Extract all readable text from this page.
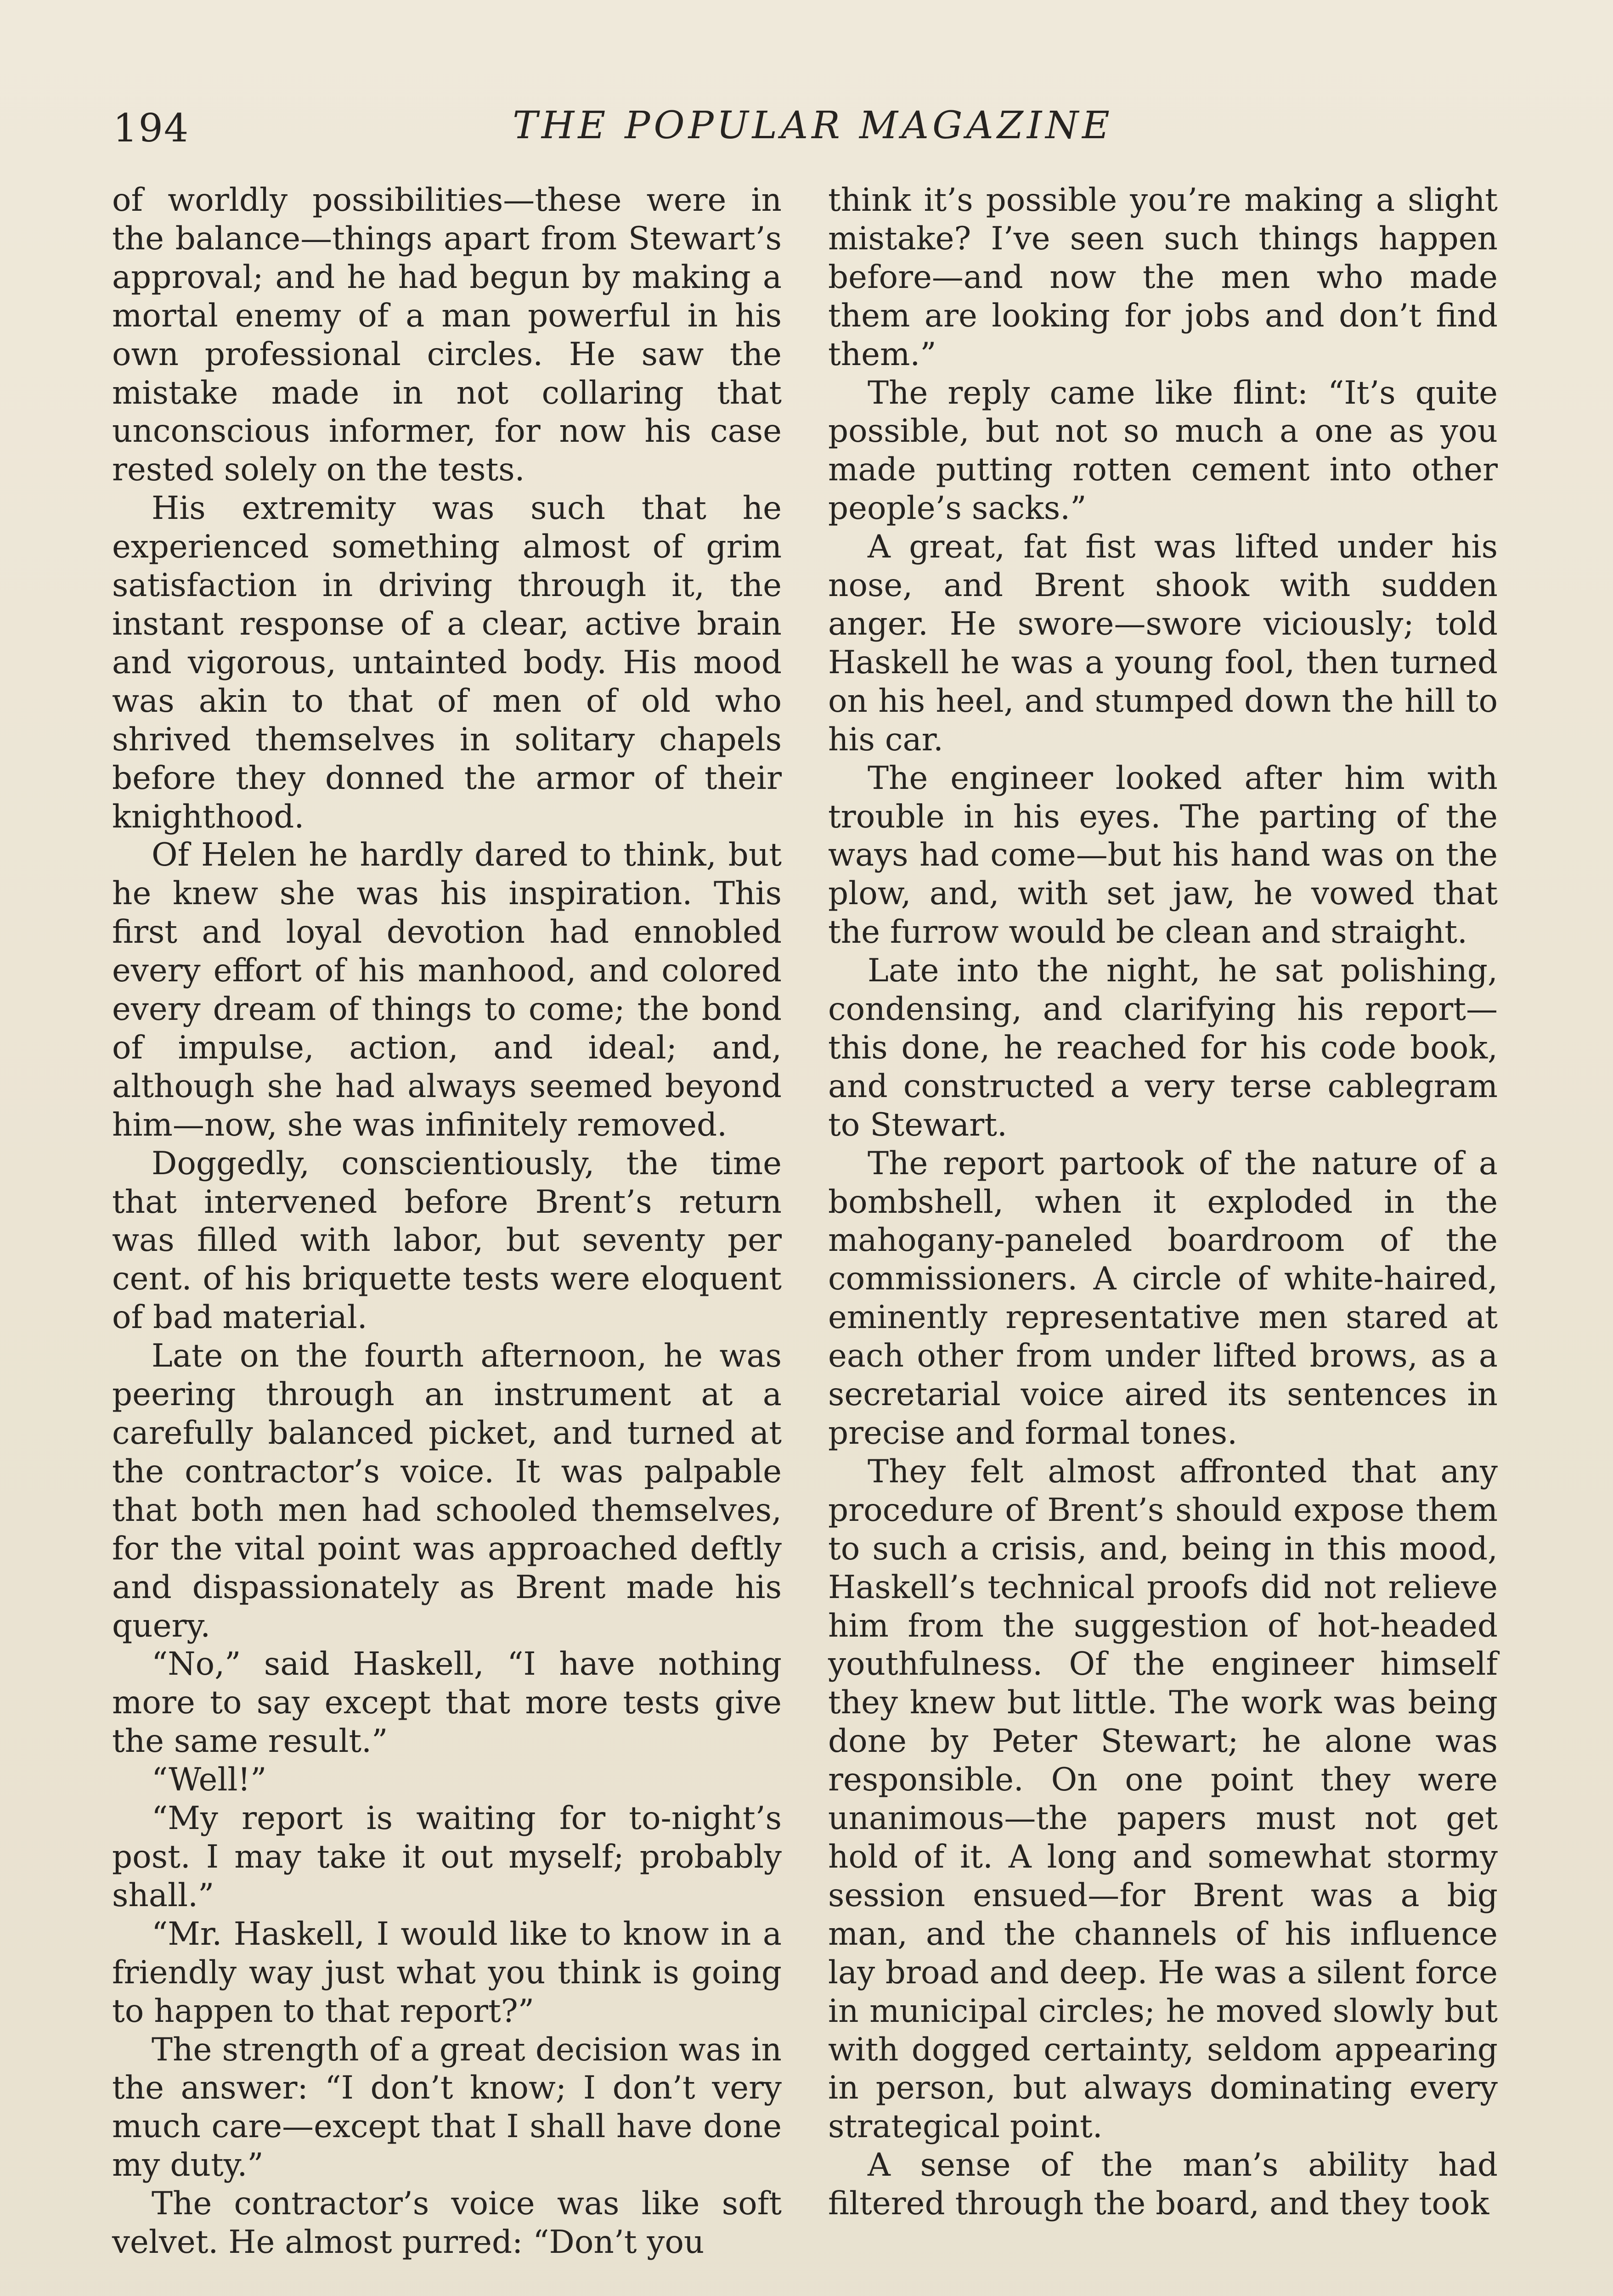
194	THE POPULAR MAGAZINE

of worldly possibilities—these were in the balance—things apart from Stewart’s approval; and he had begun by making a mortal enemy of a man powerful in his own professional circles. He saw the mistake made in not collaring that unconscious informer, for now his case rested solely on the tests.

His extremity was such that he experienced something almost of grim satisfaction in driving through it, the instant response of a clear, active brain and vigorous, untainted body. His mood was akin to that of men of old who shrived themselves in solitary chapels before they donned the armor of their knighthood.

Of Helen he hardly dared to think, but he knew she was his inspiration. This first and loyal devotion had ennobled every effort of his manhood, and colored every dream of things to come; the bond of impulse, action, and ideal; and, although she had always seemed beyond him—now, she was infinitely removed.

Doggedly, conscientiously, the time that intervened before Brent’s return was filled with labor, but seventy per cent. of his briquette tests were eloquent of bad material.

Late on the fourth afternoon, he was peering through an instrument at a carefully balanced picket, and turned at the contractor’s voice. It was palpable that both men had schooled themselves, for the vital point was approached deftly and dispassionately as Brent made his query.

“No,” said Haskell, “I have nothing more to say except that more tests give the same result.”

“Well!”

“My report is waiting for to-night’s post. I may take it out myself; probably shall.”

“Mr. Haskell, I would like to know in a friendly way just what you think is going to happen to that report?”

The strength of a great decision was in the answer: “I don’t know; I don’t very much care—except that I shall have done my duty.”

The contractor’s voice was like soft velvet. He almost purred: “Don’t you

think it’s possible you’re making a slight mistake? I’ve seen such things happen before—and now the men who made them are looking for jobs and don’t find them.”

The reply came like flint: “It’s quite possible, but not so much a one as you made putting rotten cement into other people’s sacks.”

A great, fat fist was lifted under his nose, and Brent shook with sudden anger. He swore—swore viciously; told Haskell he was a young fool, then turned on his heel, and stumped down the hill to his car.

The engineer looked after him with trouble in his eyes. The parting of the ways had come—but his hand was on the plow, and, with set jaw, he vowed that the furrow would be clean and straight.

Late into the night, he sat polishing, condensing, and clarifying his report—this done, he reached for his code book, and constructed a very terse cablegram to Stewart.

The report partook of the nature of a bombshell, when it exploded in the mahogany-paneled boardroom of the commissioners. A circle of white-haired, eminently representative men stared at each other from under lifted brows, as a secretarial voice aired its sentences in precise and formal tones.

They felt almost affronted that any procedure of Brent’s should expose them to such a crisis, and, being in this mood, Haskell’s technical proofs did not relieve him from the suggestion of hot-headed youthfulness. Of the engineer himself they knew but little. The work was being done by Peter Stewart; he alone was responsible. On one point they were unanimous—the papers must not get hold of it. A long and somewhat stormy session ensued—for Brent was a big man, and the channels of his influence lay broad and deep. He was a silent force in municipal circles; he moved slowly but with dogged certainty, seldom appearing in person, but always dominating every strategical point.

A sense of the man’s ability had filtered through the board, and they took
